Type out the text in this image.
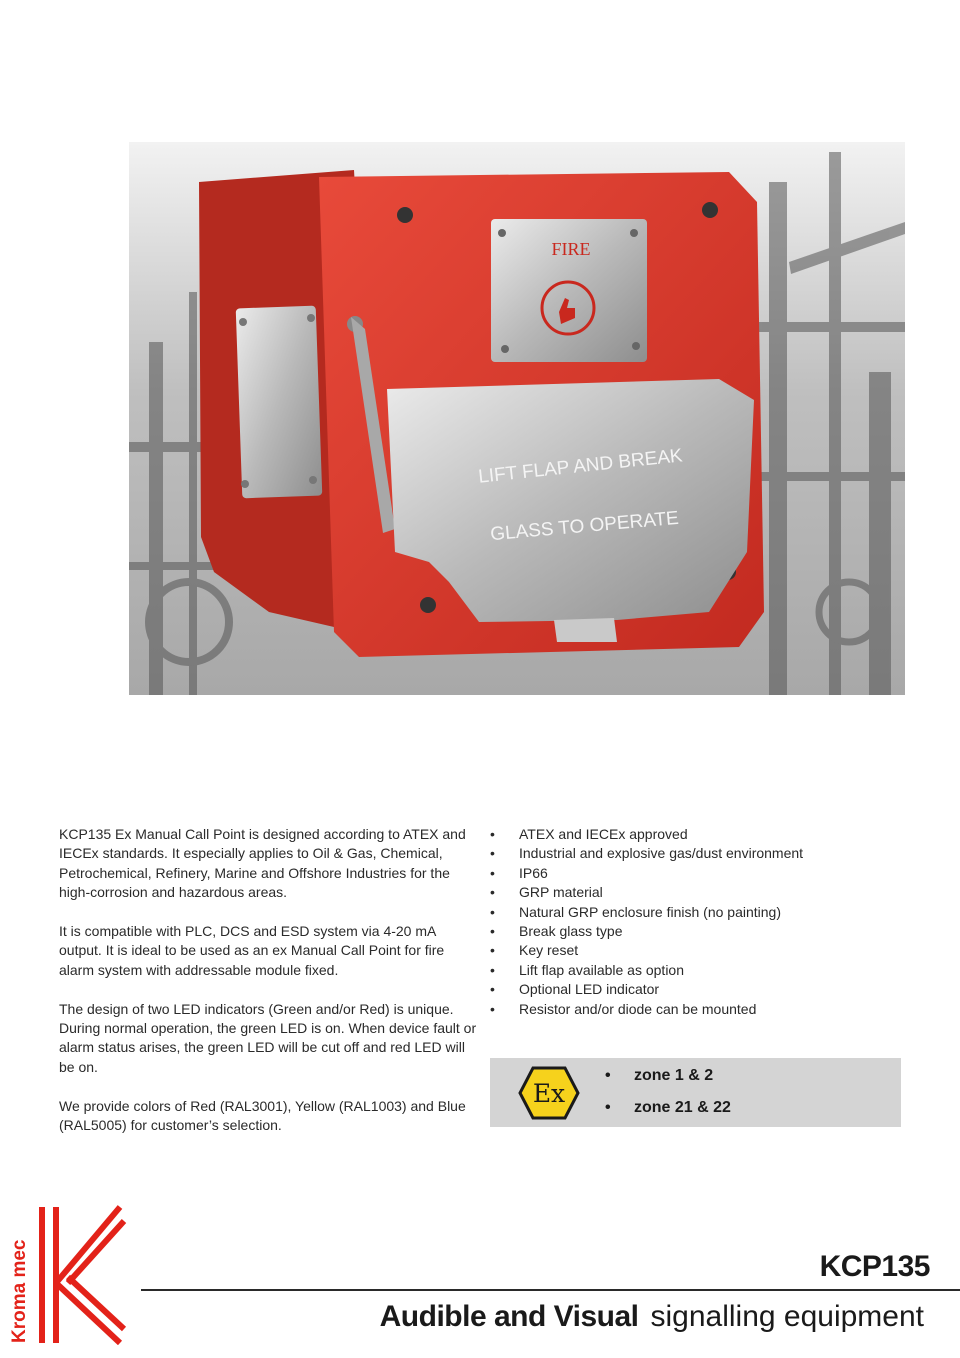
FIRE
LIFT FLAP AND BREAK
GLASS TO OPERATE

KCP135 Ex Manual Call Point is designed according to ATEX and IECEx standards. It especially applies to Oil & Gas, Chemical, Petrochemical, Refinery, Marine and Offshore Industries for the high-corrosion and hazardous areas.

It is compatible with PLC, DCS and ESD system via 4-20 mA output. It is ideal to be used as an ex Manual Call Point for fire alarm system with addressable module fixed.

The design of two LED indicators (Green and/or Red) is unique. During normal operation, the green LED is on. When device fault or alarm status arises, the green LED will be cut off and red LED will be on.

We provide colors of Red (RAL3001), Yellow (RAL1003) and Blue (RAL5005) for customer’s selection.

• ATEX and IECEx approved
• Industrial and explosive gas/dust environment
• IP66
• GRP material
• Natural GRP enclosure finish (no painting)
• Break glass type
• Key reset
• Lift flap available as option
• Optional LED indicator
• Resistor and/or diode can be mounted
Ex
• zone 1 & 2
• zone 21 & 22
Kroma mec	KCP135
Audible and Visual signalling equipment
